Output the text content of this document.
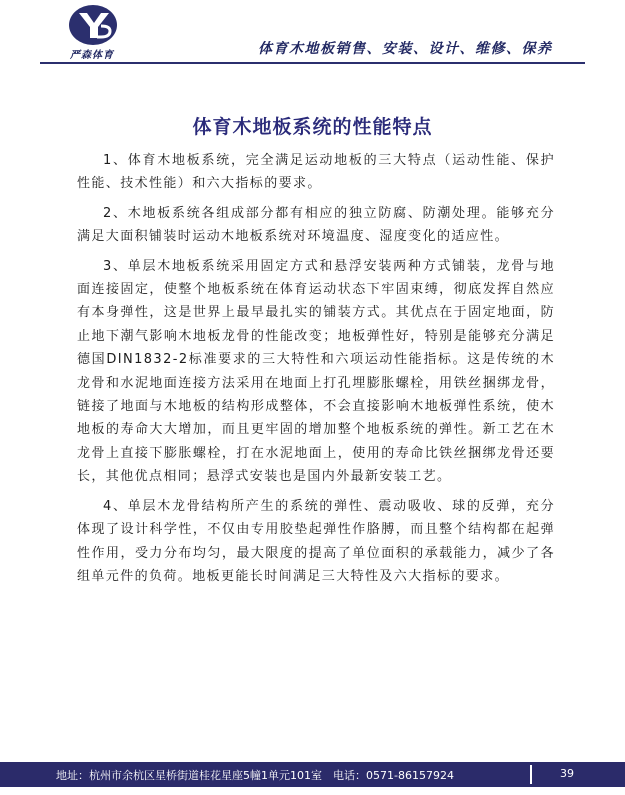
严森体育	体育木地板销售、安装、设计、维修、保养
体育木地板系统的性能特点

1、体育木地板系统，完全满足运动地板的三大特点（运动性能、保护性能、技术性能）和六大指标的要求。

2、木地板系统各组成部分都有相应的独立防腐、防潮处理。能够充分满足大面积铺装时运动木地板系统对环境温度、湿度变化的适应性。

3、单层木地板系统采用固定方式和悬浮安装两种方式铺装，龙骨与地面连接固定，使整个地板系统在体育运动状态下牢固束缚，彻底发挥自然应有本身弹性，这是世界上最早最扎实的铺装方式。其优点在于固定地面，防止地下潮气影响木地板龙骨的性能改变；地板弹性好，特别是能够充分满足德国DIN1832-2标准要求的三大特性和六项运动性能指标。这是传统的木龙骨和水泥地面连接方法采用在地面上打孔埋膨胀螺栓，用铁丝捆绑龙骨，链接了地面与木地板的结构形成整体，不会直接影响木地板弹性系统，使木地板的寿命大大增加，而且更牢固的增加整个地板系统的弹性。新工艺在木龙骨上直接下膨胀螺栓，打在水泥地面上，使用的寿命比铁丝捆绑龙骨还要长，其他优点相同；悬浮式安装也是国内外最新安装工艺。

4、单层木龙骨结构所产生的系统的弹性、震动吸收、球的反弹，充分体现了设计科学性，不仅由专用胶垫起弹性作胳膊，而且整个结构都在起弹性作用，受力分布均匀，最大限度的提高了单位面积的承载能力，减少了各组单元件的负荷。地板更能长时间满足三大特性及六大指标的要求。

地址：杭州市余杭区星桥街道桂花星座5幢1单元101室　电话：0571-86157924	39
